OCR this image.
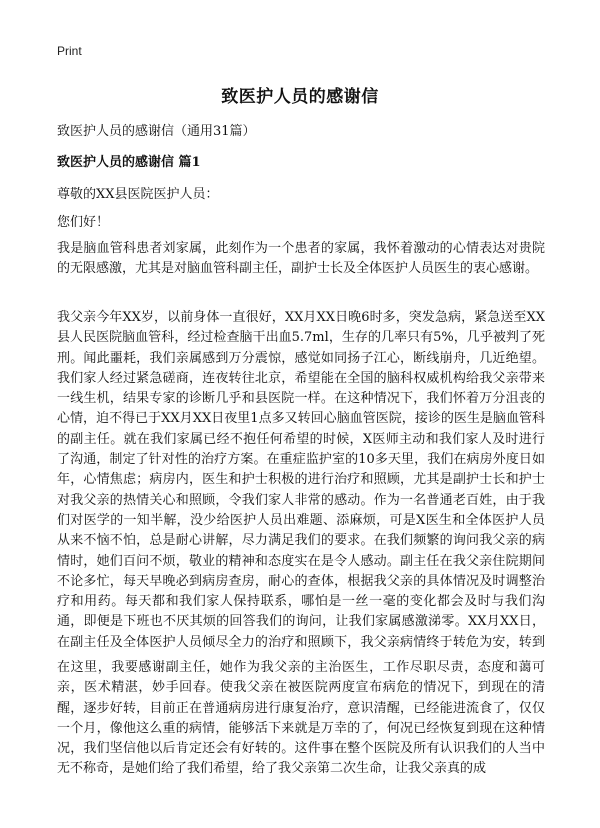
Print
致医护人员的感谢信
致医护人员的感谢信（通用31篇）
致医护人员的感谢信 篇1
尊敬的XX县医院医护人员：
您们好！

我是脑血管科患者刘家属，此刻作为一个患者的家属，我怀着激动的心情表达对贵院的无限感激，尤其是对脑血管科副主任，副护士长及全体医护人员医生的衷心感谢。

我父亲今年XX岁，以前身体一直很好，XX月XX日晚6时多，突发急病，紧急送至XX县人民医院脑血管科，经过检查脑干出血5.7ml，生存的几率只有5%，几乎被判了死刑。闻此噩耗，我们亲属感到万分震惊，感觉如同扬子江心，断线崩舟，几近绝望。我们家人经过紧急磋商，连夜转往北京，希望能在全国的脑科权威机构给我父亲带来一线生机，结果专家的诊断几乎和县医院一样。在这种情况下，我们怀着万分沮丧的心情，迫不得已于XX月XX日夜里1点多又转回心脑血管医院，接诊的医生是脑血管科的副主任。就在我们家属已经不抱任何希望的时候，X医师主动和我们家人及时进行了沟通，制定了针对性的治疗方案。在重症监护室的10多天里，我们在病房外度日如年，心情焦虑；病房内，医生和护士积极的进行治疗和照顾，尤其是副护士长和护士对我父亲的热情关心和照顾，令我们家人非常的感动。作为一名普通老百姓，由于我们对医学的一知半解，没少给医护人员出难题、添麻烦，可是X医生和全体医护人员从来不恼不怕，总是耐心讲解，尽力满足我们的要求。在我们频繁的询问我父亲的病情时，她们百问不烦，敬业的精神和态度实在是令人感动。副主任在我父亲住院期间不论多忙，每天早晚必到病房查房，耐心的查体，根据我父亲的具体情况及时调整治疗和用药。每天都和我们家人保持联系，哪怕是一丝一毫的变化都会及时与我们沟通，即便是下班也不厌其烦的回答我们的询问，让我们家属感激涕零。XX月XX日，在副主任及全体医护人员倾尽全力的治疗和照顾下，我父亲病情终于转危为安，转到

在这里，我要感谢副主任，她作为我父亲的主治医生，工作尽职尽责，态度和蔼可亲，医术精湛，妙手回春。使我父亲在被医院两度宣布病危的情况下，到现在的清醒，逐步好转，目前正在普通病房进行康复治疗，意识清醒，已经能进流食了，仅仅一个月，像他这么重的病情，能够活下来就是万幸的了，何况已经恢复到现在这种情况，我们坚信他以后肯定还会有好转的。这件事在整个医院及所有认识我们的人当中无不称奇，是她们给了我们希望，给了我父亲第二次生命，让我父亲真的成
